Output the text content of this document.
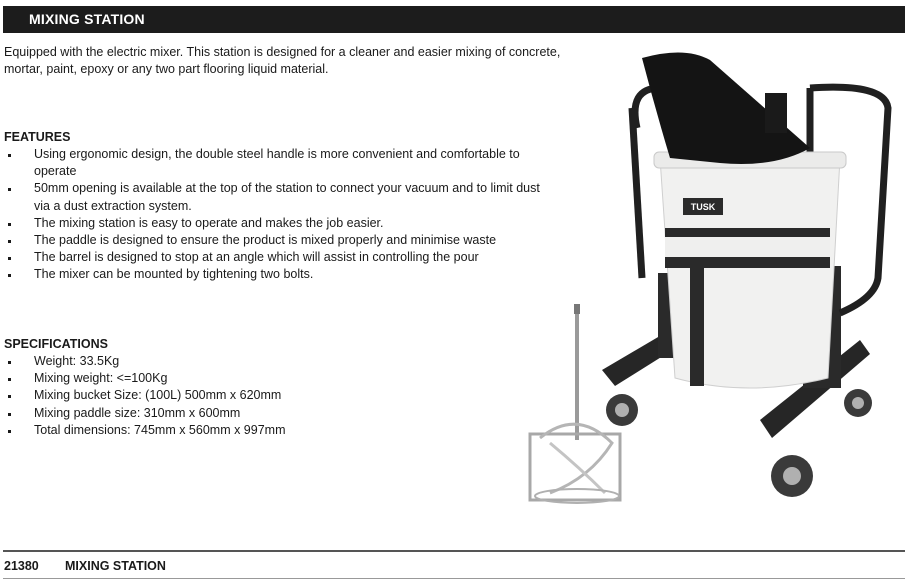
MIXING STATION
Equipped with the electric mixer. This station is designed for a cleaner and easier mixing of concrete, mortar, paint, epoxy or any two part flooring liquid material.
FEATURES
Using ergonomic design, the double steel handle is more convenient and comfortable to operate
50mm opening is available at the top of the station to connect your vacuum and to limit dust via a dust extraction system.
The mixing station is easy to operate and makes the job easier.
The paddle is designed to ensure the product is mixed properly and minimise waste
The barrel is designed to stop at an angle which will assist in controlling the pour
The mixer can be mounted by tightening two bolts.
SPECIFICATIONS
Weight: 33.5Kg
Mixing weight: <=100Kg
Mixing bucket Size: (100L) 500mm x 620mm
Mixing paddle size: 310mm x 600mm
Total dimensions: 745mm x 560mm x 997mm
TUSK
21380 MIXING STATION
